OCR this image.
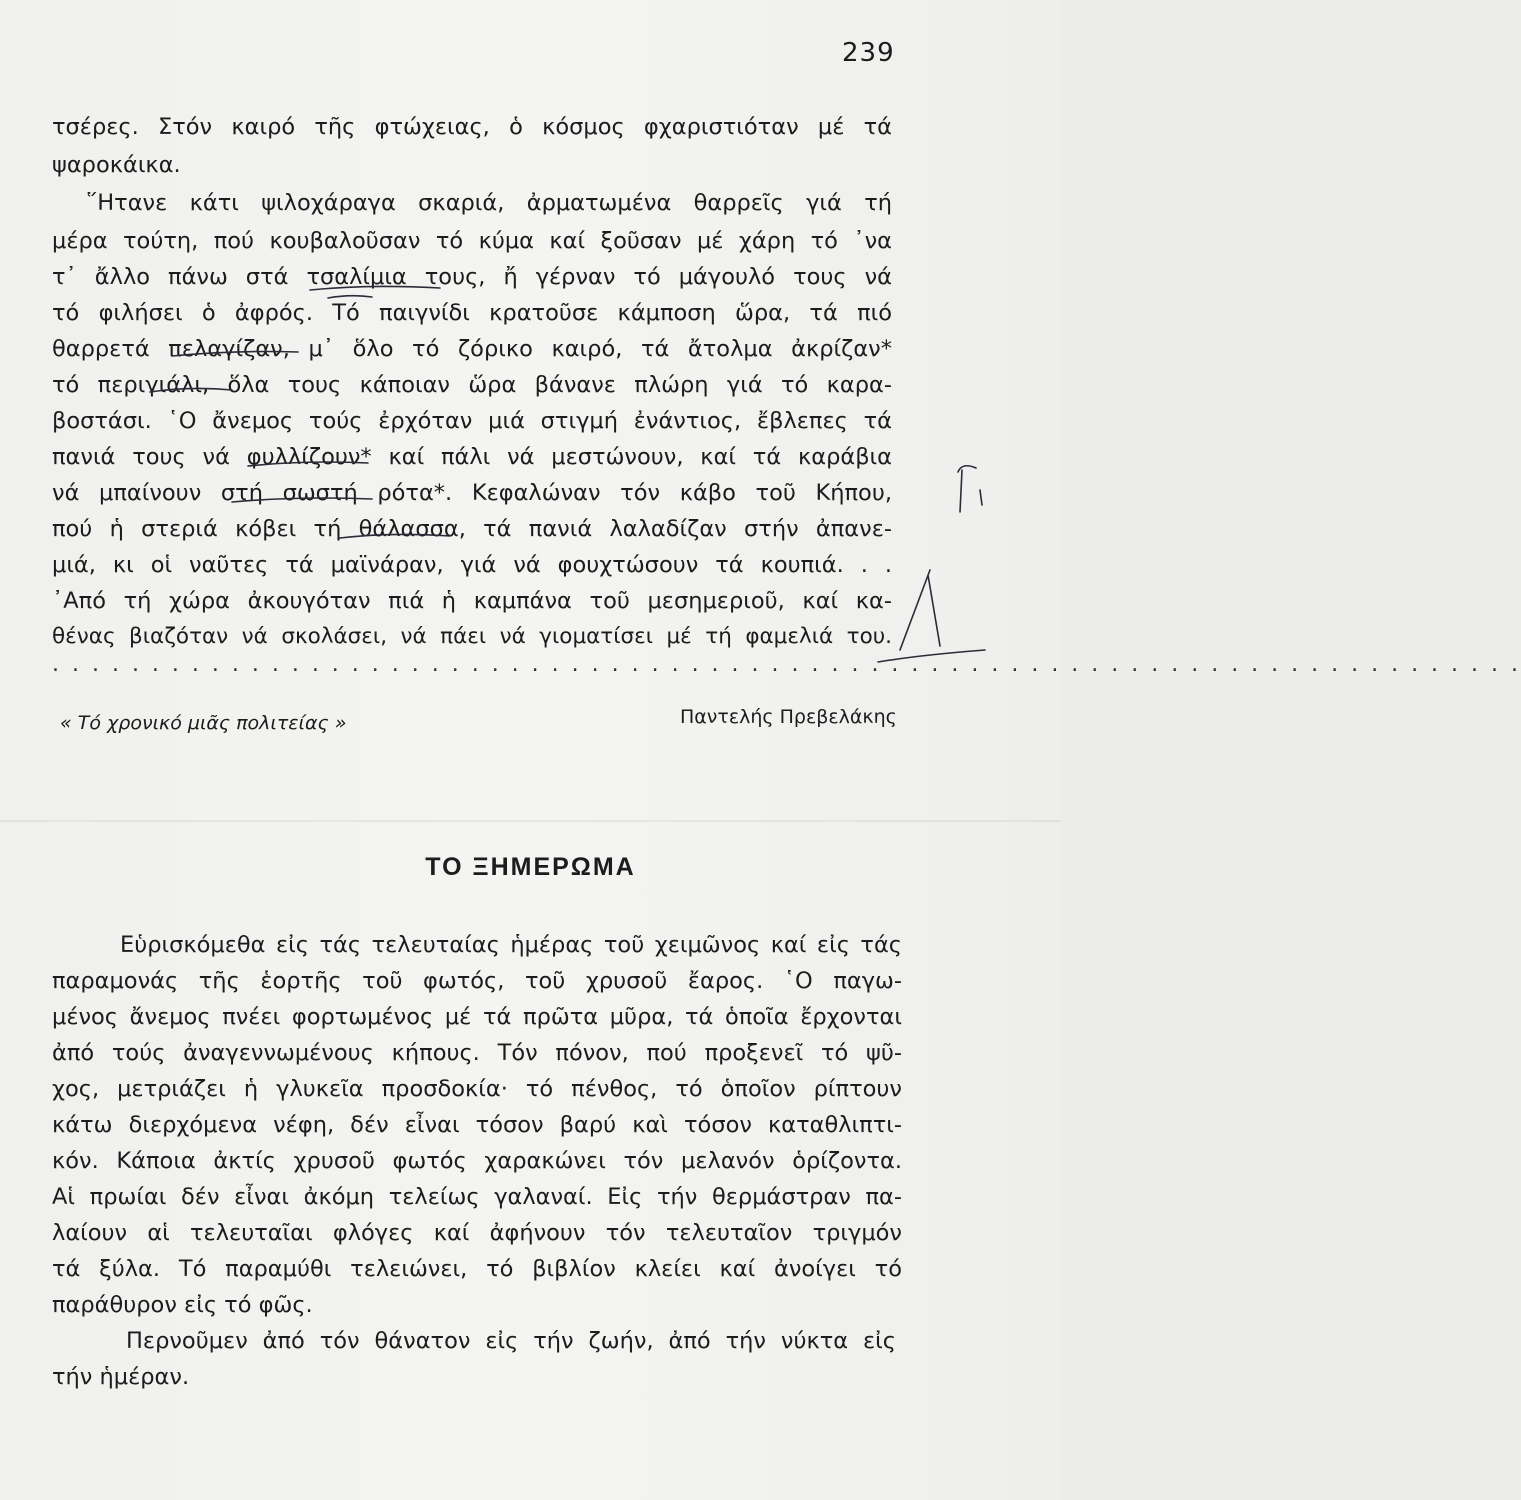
239
τσέρες. Στόν καιρό τῆς φτώχειας, ὁ κόσμος φχαριστιόταν μέ τά
ψαροκάικα.
῞Ητανε κάτι ψιλοχάραγα σκαριά, ἀρματωμένα θαρρεῖς γιά τή
μέρα τούτη, πού κουβαλοῦσαν τό κύμα καί ξοῦσαν μέ χάρη τό ᾽να
τ᾽ ἄλλο πάνω στά τσαλίμια τους, ἤ γέρναν τό μάγουλό τους νά
τό φιλήσει ὁ ἀφρός. Τό παιγνίδι κρατοῦσε κάμποση ὥρα, τά πιό
θαρρετά πελαγίζαν, μ᾽ ὅλο τό ζόρικο καιρό, τά ἄτολμα ἀκρίζαν*
τό περιγιάλι, ὅλα τους κάποιαν ὥρα βάνανε πλώρη γιά τό καρα-
βοστάσι. ῾Ο ἄνεμος τούς ἐρχόταν μιά στιγμή ἐνάντιος, ἔβλεπες τά
πανιά τους νά φυλλίζουν* καί πάλι νά μεστώνουν, καί τά καράβια
νά μπαίνουν στή σωστή ρότα*. Κεφαλώναν τόν κάβο τοῦ Κήπου,
πού ἡ στεριά κόβει τή θάλασσα, τά πανιά λαλαδίζαν στήν ἀπανε-
μιά, κι οἱ ναῦτες τά μαϊνάραν, γιά νά φουχτώσουν τά κουπιά. . .
᾽Από τή χώρα ἀκουγόταν πιά ἡ καμπάνα τοῦ μεσημεριοῦ, καί κα-
θένας βιαζόταν νά σκολάσει, νά πάει νά γιοματίσει μέ τή φαμελιά του.
. . . . . . . . . . . . . . . . . . . . . . . . . . . . . . . . . . . . . . . . . . . . . . . . . . . . . . . . . . . . . . . . . . . . . . . . . .
« Τό χρονικό μιᾶς πολιτείας »	Παντελής Πρεβελάκης
ΤΟ ΞΗΜΕΡΩΜΑ
Εὑρισκόμεθα εἰς τάς τελευταίας ἡμέρας τοῦ χειμῶνος καί εἰς τάς
παραμονάς τῆς ἑορτῆς τοῦ φωτός, τοῦ χρυσοῦ ἔαρος. ῾Ο παγω-
μένος ἄνεμος πνέει φορτωμένος μέ τά πρῶτα μῦρα, τά ὁποῖα ἔρχονται
ἀπό τούς ἀναγεννωμένους κήπους. Τόν πόνον, πού προξενεῖ τό ψῦ-
χος, μετριάζει ἡ γλυκεῖα προσδοκία· τό πένθος, τό ὁποῖον ρίπτουν
κάτω διερχόμενα νέφη, δέν εἶναι τόσον βαρύ καὶ τόσον καταθλιπτι-
κόν. Κάποια ἀκτίς χρυσοῦ φωτός χαρακώνει τόν μελανόν ὁρίζοντα.
Αἱ πρωίαι δέν εἶναι ἀκόμη τελείως γαλαναί. Εἰς τήν θερμάστραν πα-
λαίουν αἱ τελευταῖαι φλόγες καί ἀφήνουν τόν τελευταῖον τριγμόν
τά ξύλα. Τό παραμύθι τελειώνει, τό βιβλίον κλείει καί ἀνοίγει τό
παράθυρον εἰς τό φῶς.
Περνοῦμεν ἀπό τόν θάνατον εἰς τήν ζωήν, ἀπό τήν νύκτα εἰς
τήν ἡμέραν.
